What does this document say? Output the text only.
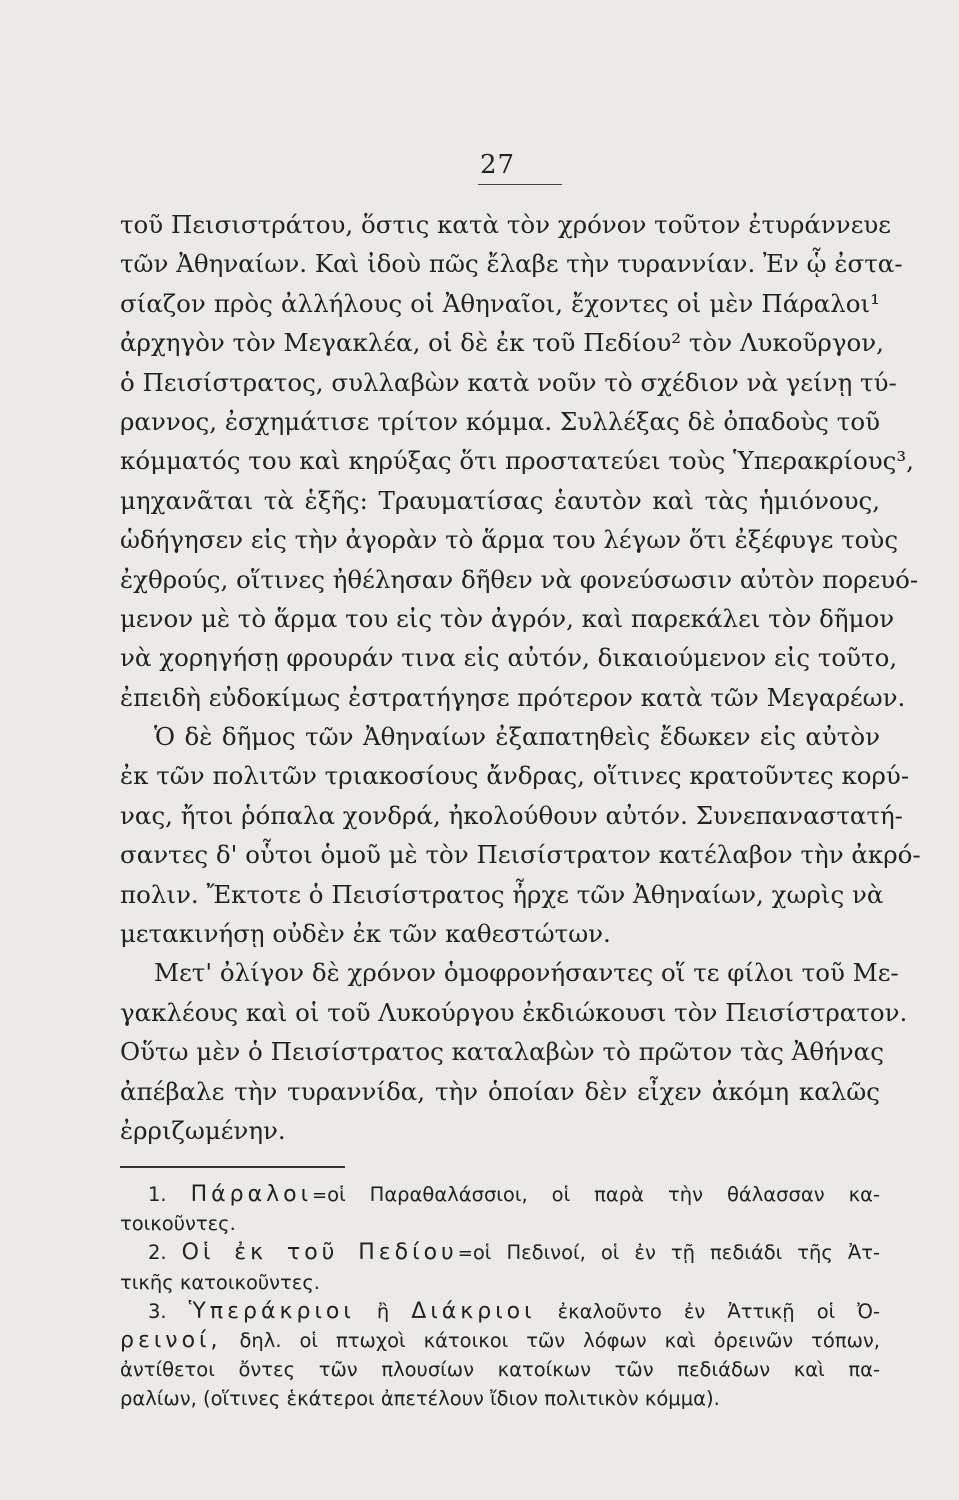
27
τοῦ Πεισιστράτου, ὅστις κατὰ τὸν χρόνον τοῦτον ἐτυράννευε
τῶν Ἀθηναίων. Καὶ ἰδοὺ πῶς ἔλαβε τὴν τυραννίαν. Ἐν ᾧ ἐστα-
σίαζον πρὸς ἀλλήλους οἱ Ἀθηναῖοι, ἔχοντες οἱ μὲν Πάραλοι¹
ἀρχηγὸν τὸν Μεγακλέα, οἱ δὲ ἐκ τοῦ Πεδίου² τὸν Λυκοῦργον,
ὁ Πεισίστρατος, συλλαβὼν κατὰ νοῦν τὸ σχέδιον νὰ γείνῃ τύ-
ραννος, ἐσχημάτισε τρίτον κόμμα. Συλλέξας δὲ ὀπαδοὺς τοῦ
κόμματός του καὶ κηρύξας ὅτι προστατεύει τοὺς Ὑπερακρίους³,
μηχανᾶται τὰ ἑξῆς: Τραυματίσας ἑαυτὸν καὶ τὰς ἡμιόνους,
ὡδήγησεν εἰς τὴν ἀγορὰν τὸ ἅρμα του λέγων ὅτι ἐξέφυγε τοὺς
ἐχθρούς, οἵτινες ἠθέλησαν δῆθεν νὰ φονεύσωσιν αὐτὸν πορευό-
μενον μὲ τὸ ἅρμα του εἰς τὸν ἀγρόν, καὶ παρεκάλει τὸν δῆμον
νὰ χορηγήσῃ φρουράν τινα εἰς αὐτόν, δικαιούμενον εἰς τοῦτο,
ἐπειδὴ εὐδοκίμως ἐστρατήγησε πρότερον κατὰ τῶν Μεγαρέων.
Ὁ δὲ δῆμος τῶν Ἀθηναίων ἐξαπατηθεὶς ἔδωκεν εἰς αὐτὸν
ἐκ τῶν πολιτῶν τριακοσίους ἄνδρας, οἵτινες κρατοῦντες κορύ-
νας, ἤτοι ῥόπαλα χονδρά, ἠκολούθουν αὐτόν. Συνεπαναστατή-
σαντες δ' οὗτοι ὁμοῦ μὲ τὸν Πεισίστρατον κατέλαβον τὴν ἀκρό-
πολιν. Ἔκτοτε ὁ Πεισίστρατος ἦρχε τῶν Ἀθηναίων, χωρὶς νὰ
μετακινήσῃ οὐδὲν ἐκ τῶν καθεστώτων.
Μετ' ὀλίγον δὲ χρόνον ὁμοφρονήσαντες οἵ τε φίλοι τοῦ Με-
γακλέους καὶ οἱ τοῦ Λυκούργου ἐκδιώκουσι τὸν Πεισίστρατον.
Οὕτω μὲν ὁ Πεισίστρατος καταλαβὼν τὸ πρῶτον τὰς Ἀθήνας
ἀπέβαλε τὴν τυραννίδα, τὴν ὁποίαν δὲν εἶχεν ἀκόμη καλῶς
ἐρριζωμένην.
1. Πάραλοι=οἱ Παραθαλάσσιοι, οἱ παρὰ τὴν θάλασσαν κα-
τοικοῦντες.
2. Οἱ ἐκ τοῦ Πεδίου=οἱ Πεδινοί, οἱ ἐν τῇ πεδιάδι τῆς Ἀτ-
τικῆς κατοικοῦντες.
3. Ὑπεράκριοι ἢ Διάκριοι ἐκαλοῦντο ἐν Ἀττικῇ οἱ Ὀ-
ρεινοί, δηλ. οἱ πτωχοὶ κάτοικοι τῶν λόφων καὶ ὀρεινῶν τόπων,
ἀντίθετοι ὄντες τῶν πλουσίων κατοίκων τῶν πεδιάδων καὶ πα-
ραλίων, (οἵτινες ἑκάτεροι ἀπετέλουν ἴδιον πολιτικὸν κόμμα).
